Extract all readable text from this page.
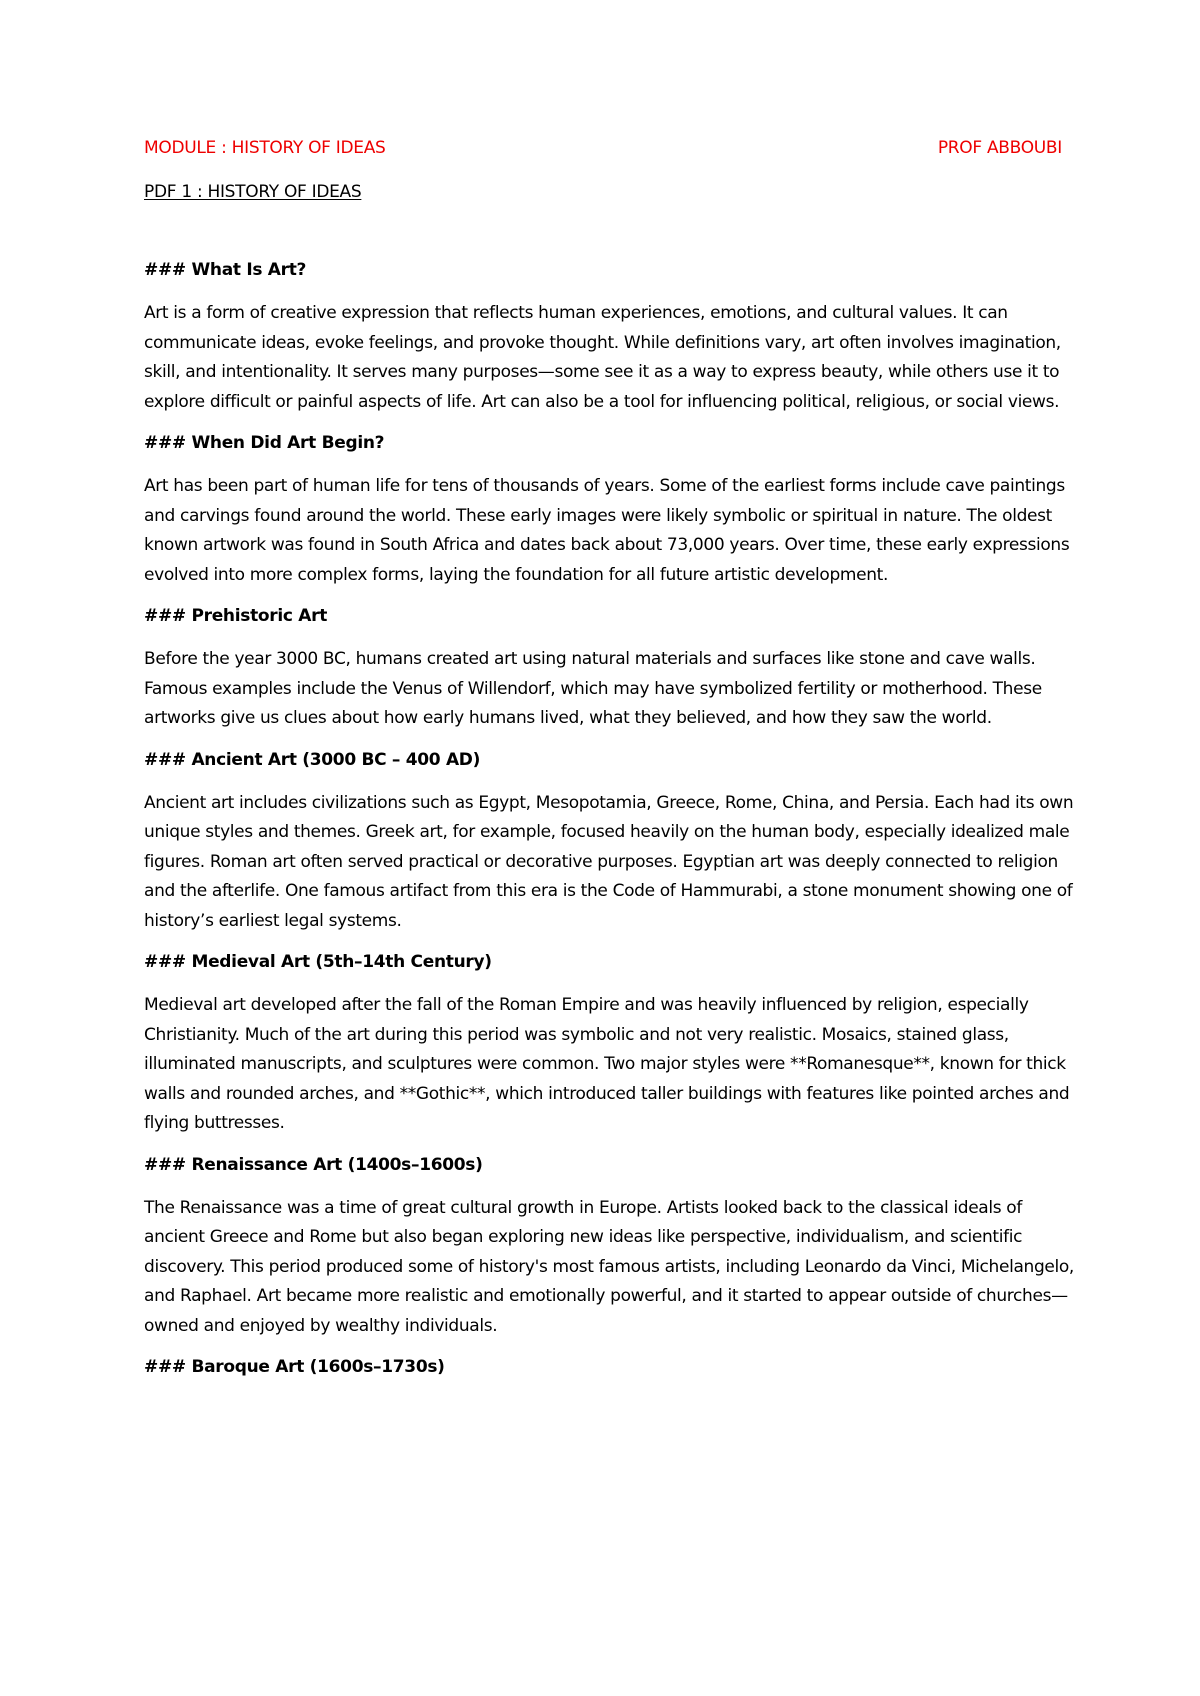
MODULE : HISTORY OF IDEAS	PROF ABBOUBI
PDF 1 : HISTORY OF IDEAS

### What Is Art?

Art is a form of creative expression that reflects human experiences, emotions, and cultural values. It can communicate ideas, evoke feelings, and provoke thought. While definitions vary, art often involves imagination, skill, and intentionality. It serves many purposes—some see it as a way to express beauty, while others use it to explore difficult or painful aspects of life. Art can also be a tool for influencing political, religious, or social views.

### When Did Art Begin?

Art has been part of human life for tens of thousands of years. Some of the earliest forms include cave paintings and carvings found around the world. These early images were likely symbolic or spiritual in nature. The oldest known artwork was found in South Africa and dates back about 73,000 years. Over time, these early expressions evolved into more complex forms, laying the foundation for all future artistic development.

### Prehistoric Art

Before the year 3000 BC, humans created art using natural materials and surfaces like stone and cave walls. Famous examples include the Venus of Willendorf, which may have symbolized fertility or motherhood. These artworks give us clues about how early humans lived, what they believed, and how they saw the world.

### Ancient Art (3000 BC – 400 AD)

Ancient art includes civilizations such as Egypt, Mesopotamia, Greece, Rome, China, and Persia. Each had its own unique styles and themes. Greek art, for example, focused heavily on the human body, especially idealized male figures. Roman art often served practical or decorative purposes. Egyptian art was deeply connected to religion and the afterlife. One famous artifact from this era is the Code of Hammurabi, a stone monument showing one of history’s earliest legal systems.

### Medieval Art (5th–14th Century)

Medieval art developed after the fall of the Roman Empire and was heavily influenced by religion, especially Christianity. Much of the art during this period was symbolic and not very realistic. Mosaics, stained glass, illuminated manuscripts, and sculptures were common. Two major styles were **Romanesque**, known for thick walls and rounded arches, and **Gothic**, which introduced taller buildings with features like pointed arches and flying buttresses.

### Renaissance Art (1400s–1600s)

The Renaissance was a time of great cultural growth in Europe. Artists looked back to the classical ideals of ancient Greece and Rome but also began exploring new ideas like perspective, individualism, and scientific discovery. This period produced some of history's most famous artists, including Leonardo da Vinci, Michelangelo, and Raphael. Art became more realistic and emotionally powerful, and it started to appear outside of churches—owned and enjoyed by wealthy individuals.

### Baroque Art (1600s–1730s)
